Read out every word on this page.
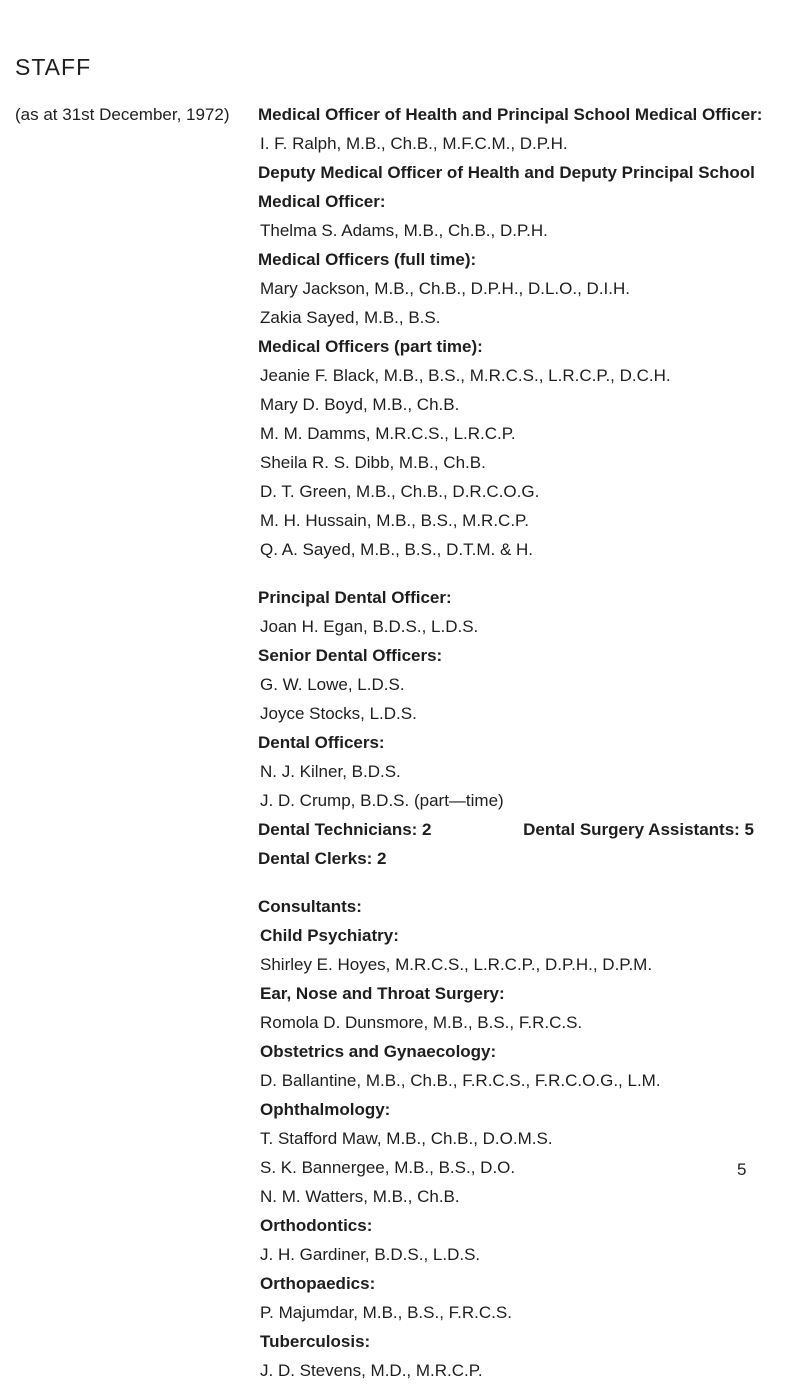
STAFF
(as at 31st December, 1972)	Medical Officer of Health and Principal School Medical Officer:
I. F. Ralph, M.B., Ch.B., M.F.C.M., D.P.H.
Deputy Medical Officer of Health and Deputy Principal School Medical Officer:
Thelma S. Adams, M.B., Ch.B., D.P.H.
Medical Officers (full time):
Mary Jackson, M.B., Ch.B., D.P.H., D.L.O., D.I.H.
Zakia Sayed, M.B., B.S.
Medical Officers (part time):
Jeanie F. Black, M.B., B.S., M.R.C.S., L.R.C.P., D.C.H.
Mary D. Boyd, M.B., Ch.B.
M. M. Damms, M.R.C.S., L.R.C.P.
Sheila R. S. Dibb, M.B., Ch.B.
D. T. Green, M.B., Ch.B., D.R.C.O.G.
M. H. Hussain, M.B., B.S., M.R.C.P.
Q. A. Sayed, M.B., B.S., D.T.M. & H.
Principal Dental Officer:
Joan H. Egan, B.D.S., L.D.S.
Senior Dental Officers:
G. W. Lowe, L.D.S.
Joyce Stocks, L.D.S.
Dental Officers:
N. J. Kilner, B.D.S.
J. D. Crump, B.D.S. (part—time)
Dental Technicians: 2	Dental Surgery Assistants: 5
Dental Clerks: 2
Consultants:
Child Psychiatry:
Shirley E. Hoyes, M.R.C.S., L.R.C.P., D.P.H., D.P.M.
Ear, Nose and Throat Surgery:
Romola D. Dunsmore, M.B., B.S., F.R.C.S.
Obstetrics and Gynaecology:
D. Ballantine, M.B., Ch.B., F.R.C.S., F.R.C.O.G., L.M.
Ophthalmology:
T. Stafford Maw, M.B., Ch.B., D.O.M.S.
S. K. Bannergee, M.B., B.S., D.O.
N. M. Watters, M.B., Ch.B.
Orthodontics:
J. H. Gardiner, B.D.S., L.D.S.
Orthopaedics:
P. Majumdar, M.B., B.S., F.R.C.S.
Tuberculosis:
J. D. Stevens, M.D., M.R.C.P.
5
